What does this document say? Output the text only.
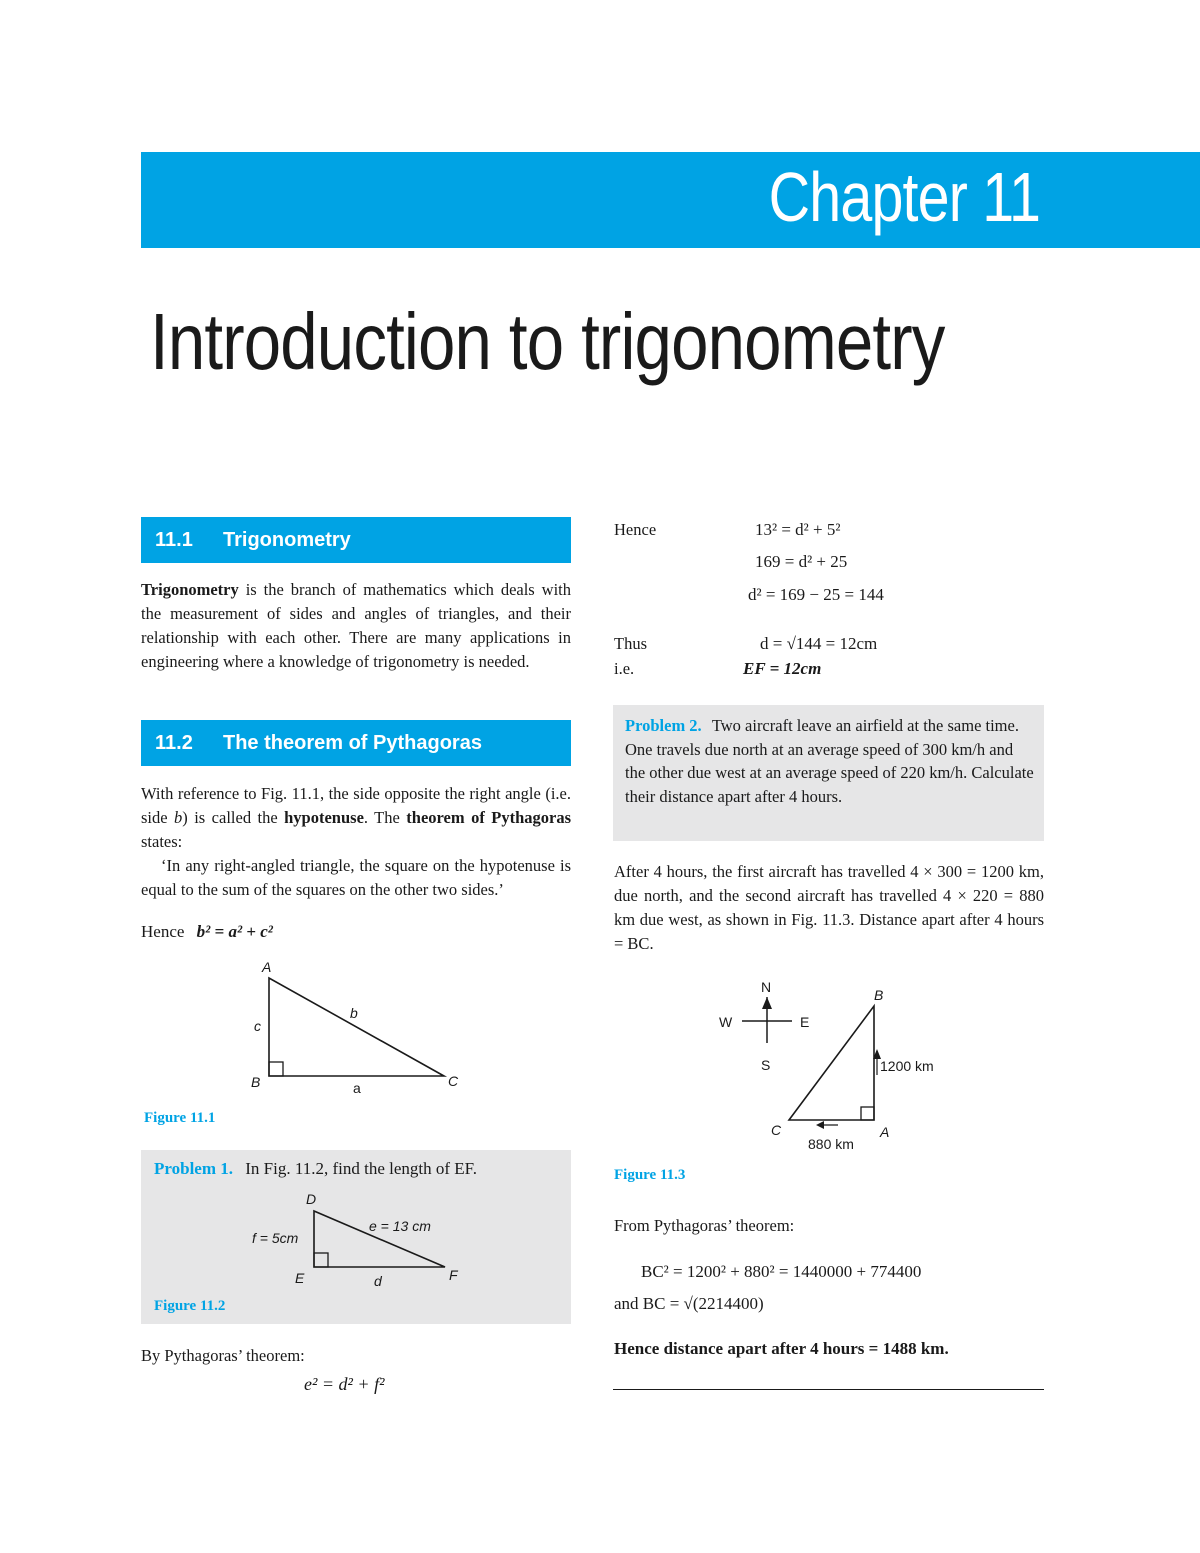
Chapter 11
Introduction to trigonometry
11.1 Trigonometry
Trigonometry is the branch of mathematics which deals with the measurement of sides and angles of triangles, and their relationship with each other. There are many applications in engineering where a knowledge of trigonometry is needed.
11.2 The theorem of Pythagoras
With reference to Fig. 11.1, the side opposite the right angle (i.e. side b) is called the hypotenuse. The theorem of Pythagoras states:
‘In any right-angled triangle, the square on the hypotenuse is equal to the sum of the squares on the other two sides.’
Hence b² = a² + c²
A
B	C
a
b
c
Figure 11.1
Problem 1. In Fig. 11.2, find the length of EF.
D
E	F
d
e = 13 cm
f = 5cm
Figure 11.2
By Pythagoras’ theorem:
e² = d² + f²
Hence	13² = d² + 5²
169 = d² + 25
d² = 169 − 25 = 144
Thus	d = √144 = 12cm
i.e.	EF = 12cm
Problem 2. Two aircraft leave an airfield at the same time. One travels due north at an average speed of 300 km/h and the other due west at an average speed of 220 km/h. Calculate their distance apart after 4 hours.
After 4 hours, the first aircraft has travelled 4 × 300 = 1200 km, due north, and the second aircraft has travelled 4 × 220 = 880 km due west, as shown in Fig. 11.3. Distance apart after 4 hours = BC.
N
S
W	E
B
A
C
1200 km
880 km
Figure 11.3
From Pythagoras’ theorem:
BC² = 1200² + 880² = 1440000 + 774400
and BC = √(2214400)
Hence distance apart after 4 hours = 1488 km.
